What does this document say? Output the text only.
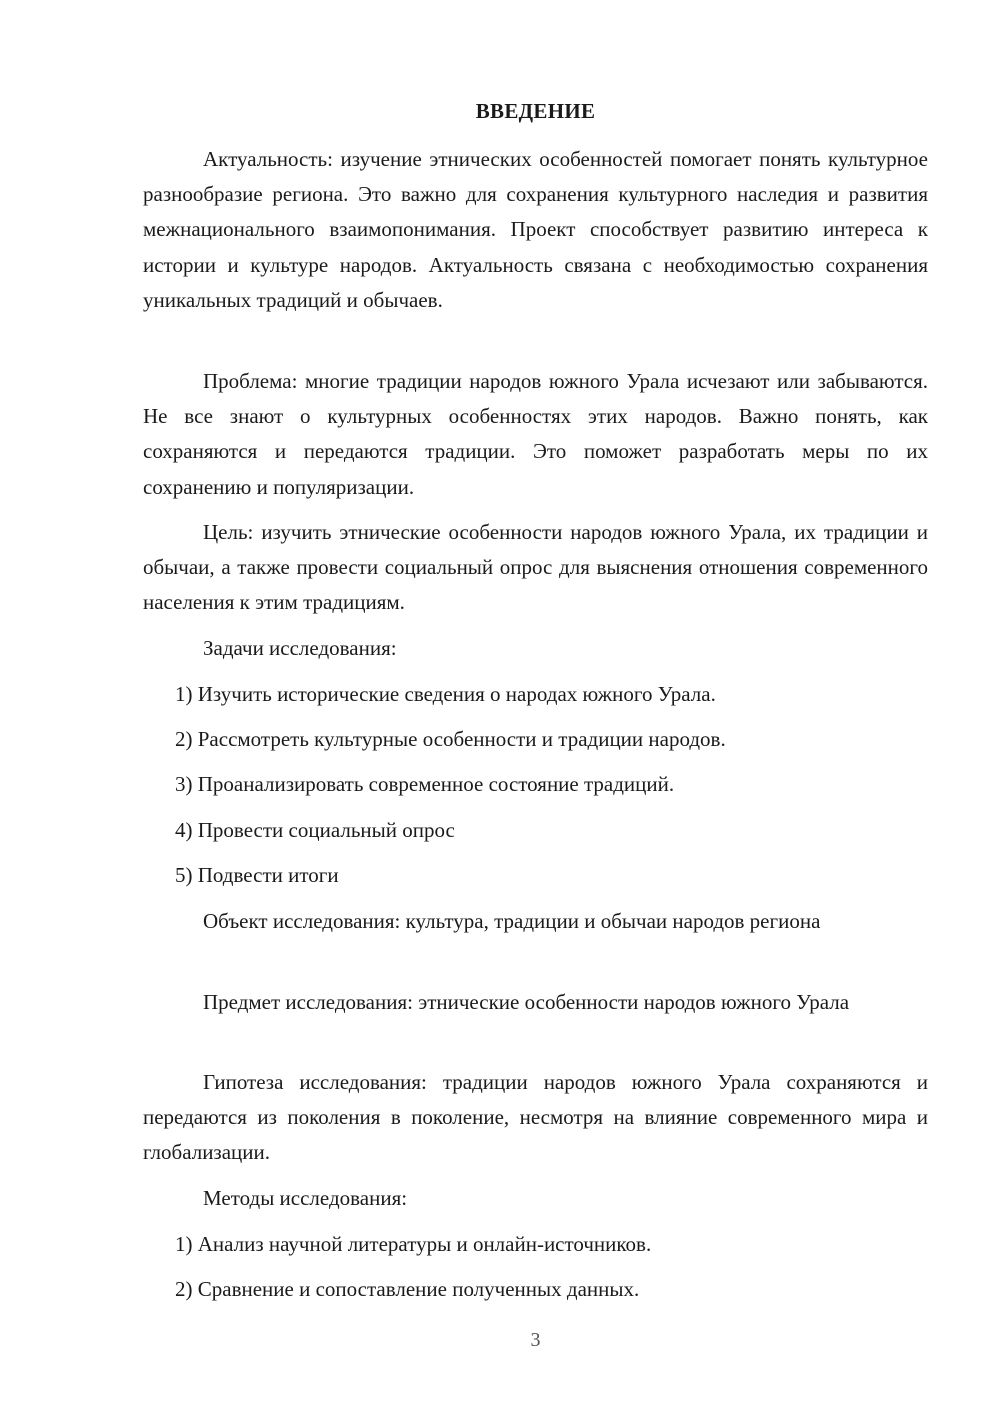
ВВЕДЕНИЕ

Актуальность: изучение этнических особенностей помогает понять культурное разнообразие региона. Это важно для сохранения культурного наследия и развития межнационального взаимопонимания. Проект способствует развитию интереса к истории и культуре народов. Актуальность связана с необходимостью сохранения уникальных традиций и обычаев.

Проблема: многие традиции народов южного Урала исчезают или забываются. Не все знают о культурных особенностях этих народов. Важно понять, как сохраняются и передаются традиции. Это поможет разработать меры по их сохранению и популяризации.

Цель: изучить этнические особенности народов южного Урала, их традиции и обычаи, а также провести социальный опрос для выяснения отношения современного населения к этим традициям.

Задачи исследования:

1) Изучить исторические сведения о народах южного Урала.

2) Рассмотреть культурные особенности и традиции народов.

3) Проанализировать современное состояние традиций.

4) Провести социальный опрос

5) Подвести итоги

Объект исследования: культура, традиции и обычаи народов региона

Предмет исследования: этнические особенности народов южного Урала

Гипотеза исследования: традиции народов южного Урала сохраняются и передаются из поколения в поколение, несмотря на влияние современного мира и глобализации.

Методы исследования:

1) Анализ научной литературы и онлайн-источников.

2) Сравнение и сопоставление полученных данных.

3
